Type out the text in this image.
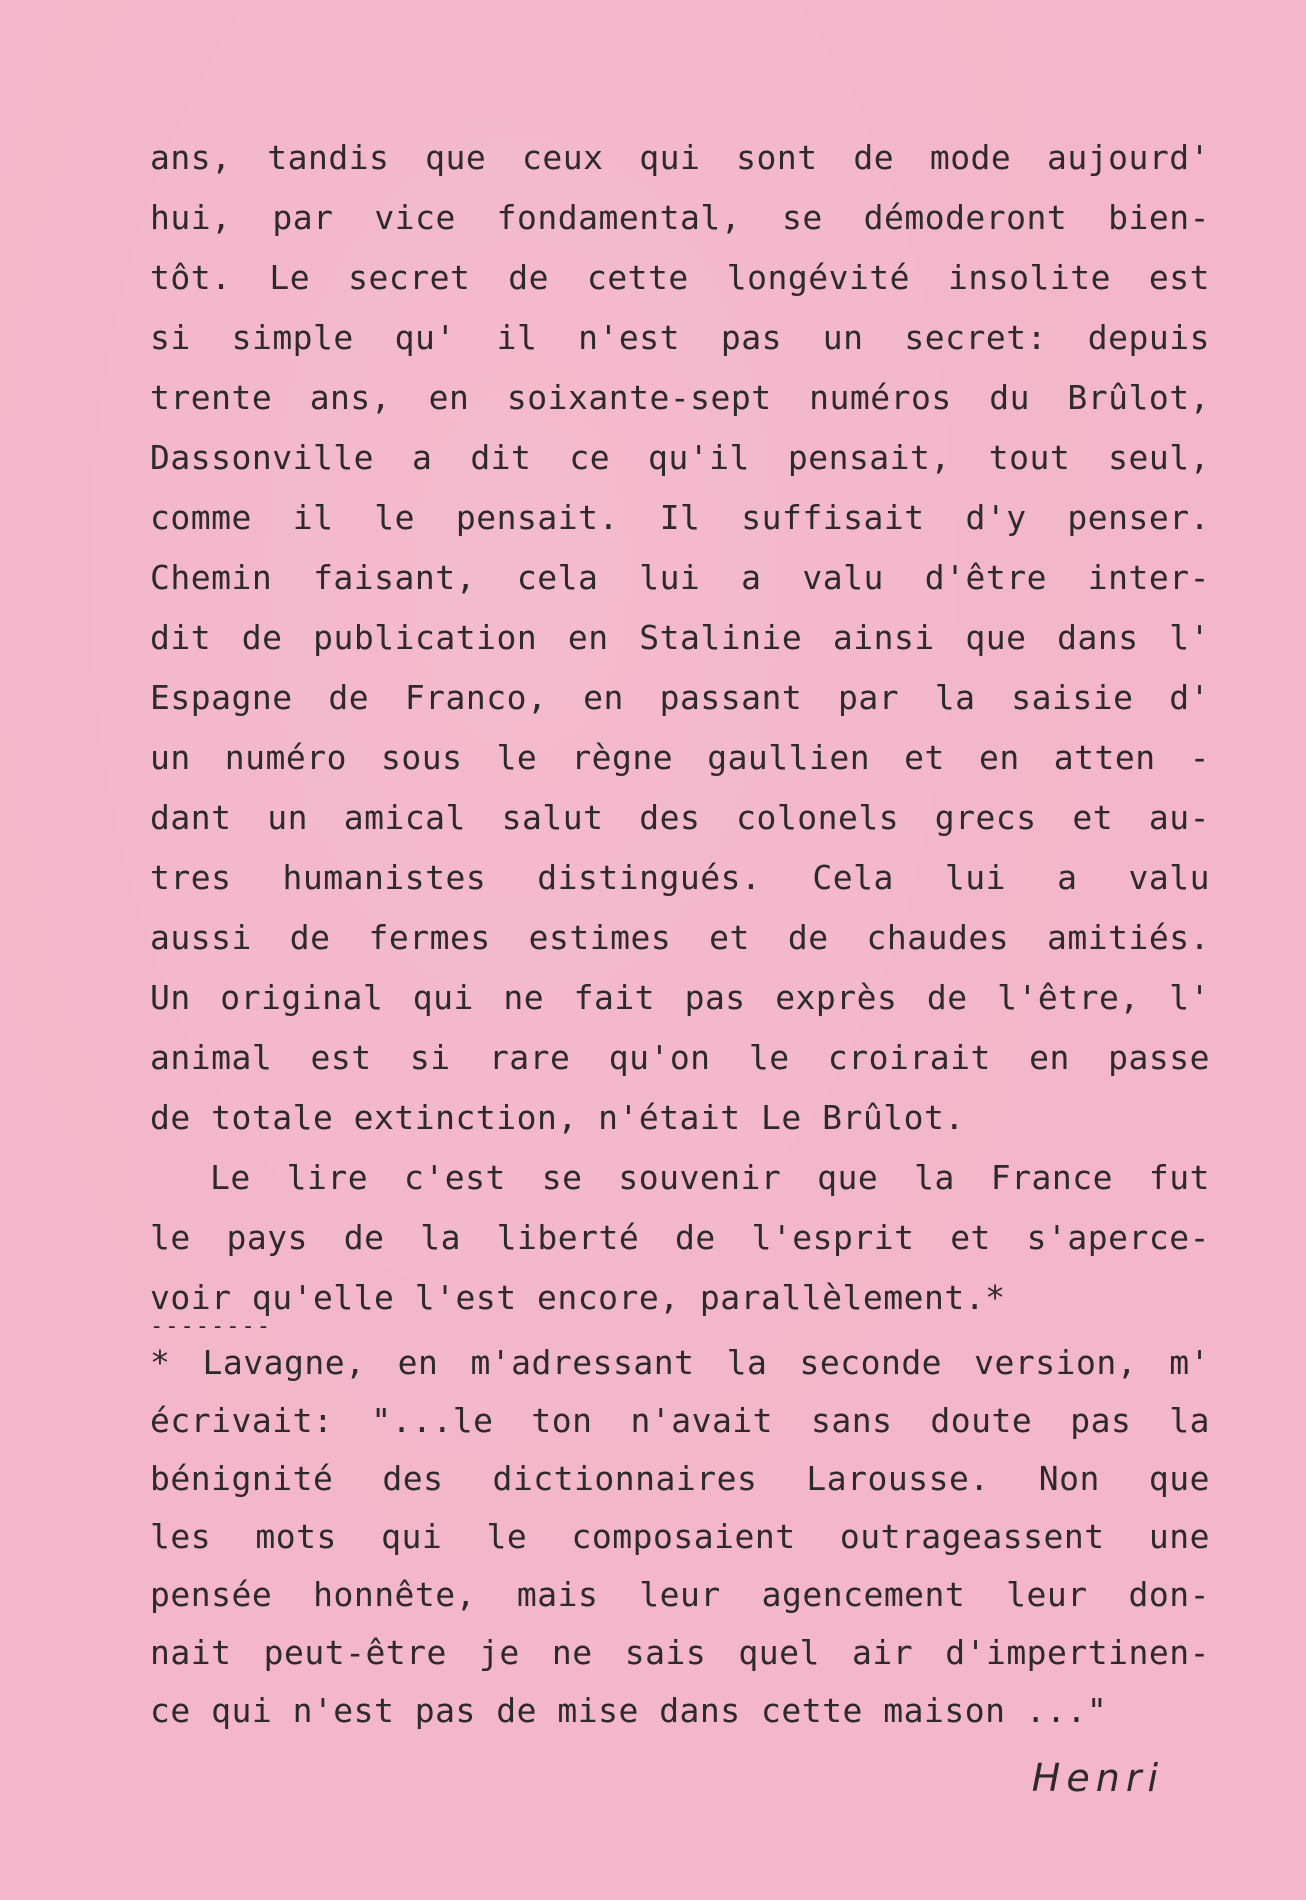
ans, tandis que ceux qui sont de mode aujourd'
hui, par vice fondamental, se démoderont bien-
tôt. Le secret de cette longévité insolite est
si simple qu' il n'est pas un secret: depuis
trente ans, en soixante-sept numéros du Brûlot,
Dassonville a dit ce qu'il pensait, tout seul,
comme il le pensait. Il suffisait d'y penser.
Chemin faisant, cela lui a valu d'être inter-
dit de publication en Stalinie ainsi que dans l'
Espagne de Franco, en passant par la saisie d'
un numéro sous le règne gaullien et en atten -
dant un amical salut des colonels grecs et au-
tres humanistes distingués. Cela lui a valu
aussi de fermes estimes et de chaudes amitiés.
Un original qui ne fait pas exprès de l'être, l'
animal est si rare qu'on le croirait en passe
de totale extinction, n'était Le Brûlot.
Le lire c'est se souvenir que la France fut
le pays de la liberté de l'esprit et s'aperce-
voir qu'elle l'est encore, parallèlement.*
--------
* Lavagne, en m'adressant la seconde version, m'
écrivait: "...le ton n'avait sans doute pas la
bénignité des dictionnaires Larousse. Non que
les mots qui le composaient outrageassent une
pensée honnête, mais leur agencement leur don-
nait peut-être je ne sais quel air d'impertinen-
ce qui n'est pas de mise dans cette maison ..."
Henri
